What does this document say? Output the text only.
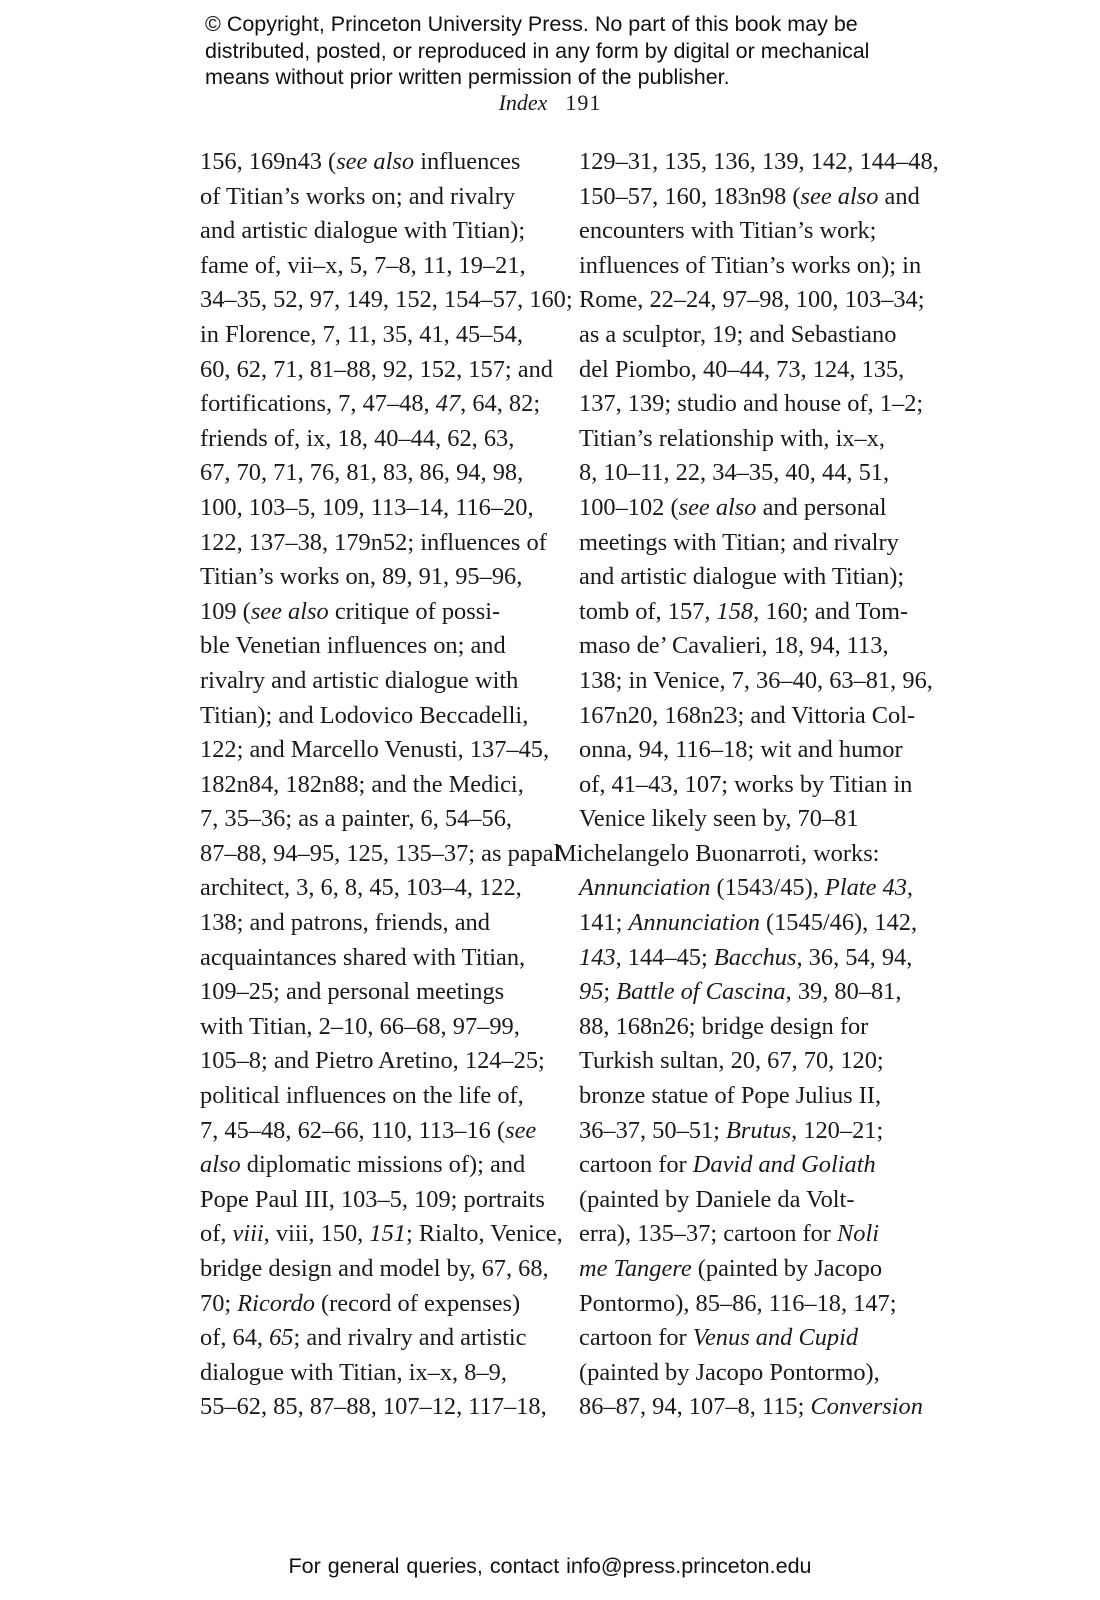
© Copyright, Princeton University Press. No part of this book may be
distributed, posted, or reproduced in any form by digital or mechanical
means without prior written permission of the publisher.
Index 191
156, 169n43 (see also influences
of Titian’s works on; and rivalry
and artistic dialogue with Titian);
fame of, vii–x, 5, 7–8, 11, 19–21,
34–35, 52, 97, 149, 152, 154–57, 160;
in Florence, 7, 11, 35, 41, 45–54,
60, 62, 71, 81–88, 92, 152, 157; and
fortifications, 7, 47–48, 47, 64, 82;
friends of, ix, 18, 40–44, 62, 63,
67, 70, 71, 76, 81, 83, 86, 94, 98,
100, 103–5, 109, 113–14, 116–20,
122, 137–38, 179n52; influences of
Titian’s works on, 89, 91, 95–96,
109 (see also critique of possi-
ble Venetian influences on; and
rivalry and artistic dialogue with
Titian); and Lodovico Beccadelli,
122; and Marcello Venusti, 137–45,
182n84, 182n88; and the Medici,
7, 35–36; as a painter, 6, 54–56,
87–88, 94–95, 125, 135–37; as papal
architect, 3, 6, 8, 45, 103–4, 122,
138; and patrons, friends, and
acquaintances shared with Titian,
109–25; and personal meetings
with Titian, 2–10, 66–68, 97–99,
105–8; and Pietro Aretino, 124–25;
political influences on the life of,
7, 45–48, 62–66, 110, 113–16 (see
also diplomatic missions of); and
Pope Paul III, 103–5, 109; portraits
of, viii, viii, 150, 151; Rialto, Venice,
bridge design and model by, 67, 68,
70; Ricordo (record of expenses)
of, 64, 65; and rivalry and artistic
dialogue with Titian, ix–x, 8–9,
55–62, 85, 87–88, 107–12, 117–18,
129–31, 135, 136, 139, 142, 144–48,
150–57, 160, 183n98 (see also and
encounters with Titian’s work;
influences of Titian’s works on); in
Rome, 22–24, 97–98, 100, 103–34;
as a sculptor, 19; and Sebastiano
del Piombo, 40–44, 73, 124, 135,
137, 139; studio and house of, 1–2;
Titian’s relationship with, ix–x,
8, 10–11, 22, 34–35, 40, 44, 51,
100–102 (see also and personal
meetings with Titian; and rivalry
and artistic dialogue with Titian);
tomb of, 157, 158, 160; and Tom-
maso de’ Cavalieri, 18, 94, 113,
138; in Venice, 7, 36–40, 63–81, 96,
167n20, 168n23; and Vittoria Col-
onna, 94, 116–18; wit and humor
of, 41–43, 107; works by Titian in
Venice likely seen by, 70–81
Michelangelo Buonarroti, works:
Annunciation (1543/45), Plate 43,
141; Annunciation (1545/46), 142,
143, 144–45; Bacchus, 36, 54, 94,
95; Battle of Cascina, 39, 80–81,
88, 168n26; bridge design for
Turkish sultan, 20, 67, 70, 120;
bronze statue of Pope Julius II,
36–37, 50–51; Brutus, 120–21;
cartoon for David and Goliath
(painted by Daniele da Volt-
erra), 135–37; cartoon for Noli
me Tangere (painted by Jacopo
Pontormo), 85–86, 116–18, 147;
cartoon for Venus and Cupid
(painted by Jacopo Pontormo),
86–87, 94, 107–8, 115; Conversion
For general queries, contact info@press.princeton.edu
